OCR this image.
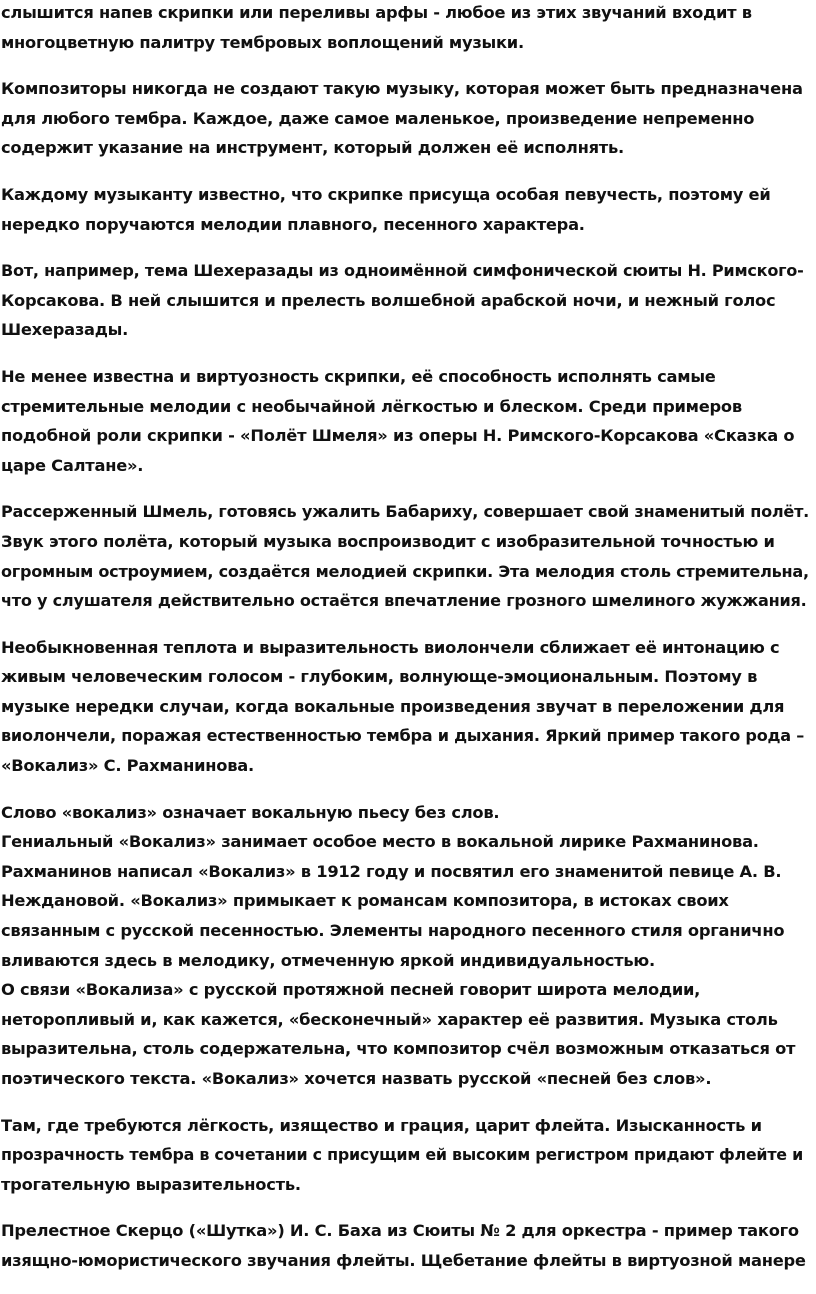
слышится напев скрипки или переливы арфы - любое из этих звучаний входит в
многоцветную палитру тембровых воплощений музыки.

Композиторы никогда не создают такую музыку, которая может быть предназначена
для любого тембра. Каждое, даже самое маленькое, произведение непременно
содержит указание на инструмент, который должен её исполнять.

Каждому музыканту известно, что скрипке присуща особая певучесть, поэтому ей
нередко поручаются мелодии плавного, песенного характера.

Вот, например, тема Шехеразады из одноимённой симфонической сюиты Н. Римского-
Корсакова. В ней слышится и прелесть волшебной арабской ночи, и нежный голос
Шехеразады.

Не менее известна и виртуозность скрипки, её способность исполнять самые
стремительные мелодии с необычайной лёгкостью и блеском. Среди примеров
подобной роли скрипки - «Полёт Шмеля» из оперы Н. Римского-Корсакова «Сказка о
царе Салтане».

Рассерженный Шмель, готовясь ужалить Бабариху, совершает свой знаменитый полёт.
Звук этого полёта, который музыка воспроизводит с изобразительной точностью и
огромным остроумием, создаётся мелодией скрипки. Эта мелодия столь стремительна,
что у слушателя действительно остаётся впечатление грозного шмелиного жужжания.

Необыкновенная теплота и выразительность виолончели сближает её интонацию с
живым человеческим голосом - глубоким, волнующе-эмоциональным. Поэтому в
музыке нередки случаи, когда вокальные произведения звучат в переложении для
виолончели, поражая естественностью тембра и дыхания. Яркий пример такого рода –
«Вокализ» С. Рахманинова.

Слово «вокализ» означает вокальную пьесу без слов.
Гениальный «Вокализ» занимает особое место в вокальной лирике Рахманинова.
Рахманинов написал «Вокализ» в 1912 году и посвятил его знаменитой певице А. В.
Неждановой. «Вокализ» примыкает к романсам композитора, в истоках своих
связанным с русской песенностью. Элементы народного песенного стиля органично
вливаются здесь в мелодику, отмеченную яркой индивидуальностью.
О связи «Вокализа» с русской протяжной песней говорит широта мелодии,
неторопливый и, как кажется, «бесконечный» характер её развития. Музыка столь
выразительна, столь содержательна, что композитор счёл возможным отказаться от
поэтического текста. «Вокализ» хочется назвать русской «песней без слов».

Там, где требуются лёгкость, изящество и грация, царит флейта. Изысканность и
прозрачность тембра в сочетании с присущим ей высоким регистром придают флейте и
трогательную выразительность.

Прелестное Скерцо («Шутка») И. С. Баха из Сюиты № 2 для оркестра - пример такого
изящно-юмористического звучания флейты. Щебетание флейты в виртуозной манере
